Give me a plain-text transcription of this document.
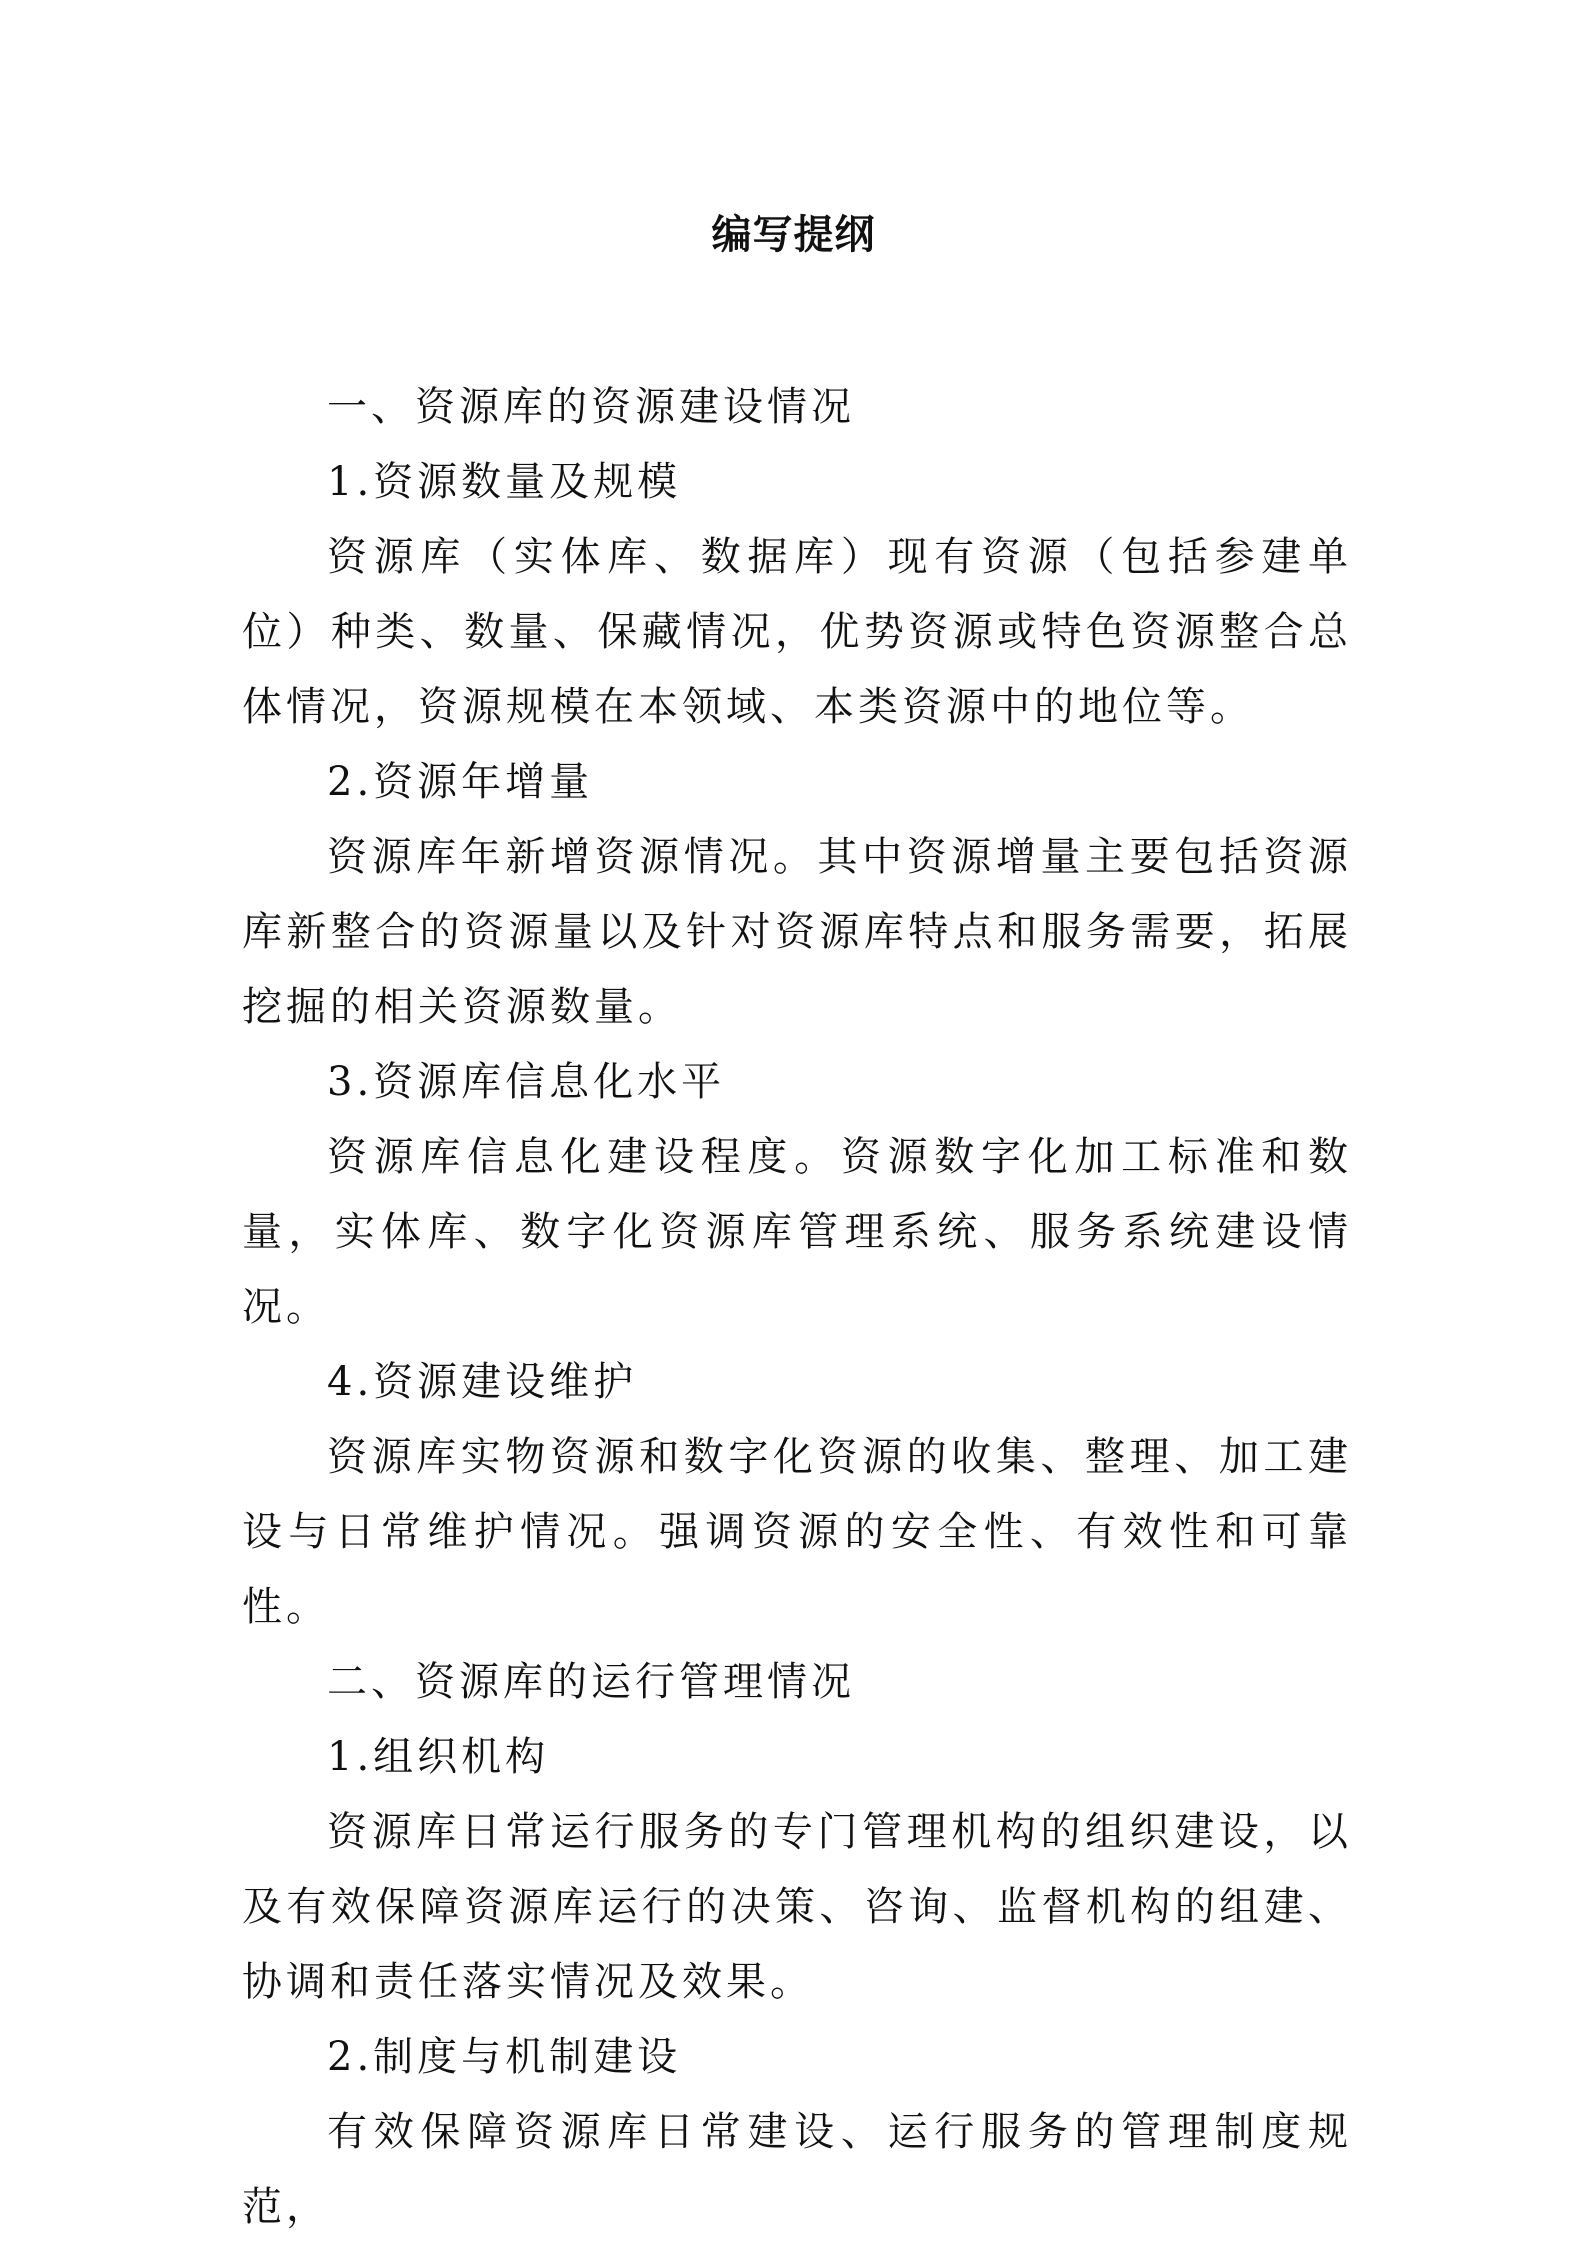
编写提纲

一、资源库的资源建设情况

1.资源数量及规模

资源库（实体库、数据库）现有资源（包括参建单位）种类、数量、保藏情况，优势资源或特色资源整合总体情况，资源规模在本领域、本类资源中的地位等。

2.资源年增量

资源库年新增资源情况。其中资源增量主要包括资源库新整合的资源量以及针对资源库特点和服务需要，拓展挖掘的相关资源数量。

3.资源库信息化水平

资源库信息化建设程度。资源数字化加工标准和数量，实体库、数字化资源库管理系统、服务系统建设情况。

4.资源建设维护

资源库实物资源和数字化资源的收集、整理、加工建设与日常维护情况。强调资源的安全性、有效性和可靠性。

二、资源库的运行管理情况

1.组织机构

资源库日常运行服务的专门管理机构的组织建设，以及有效保障资源库运行的决策、咨询、监督机构的组建、协调和责任落实情况及效果。

2.制度与机制建设

有效保障资源库日常建设、运行服务的管理制度规范，
